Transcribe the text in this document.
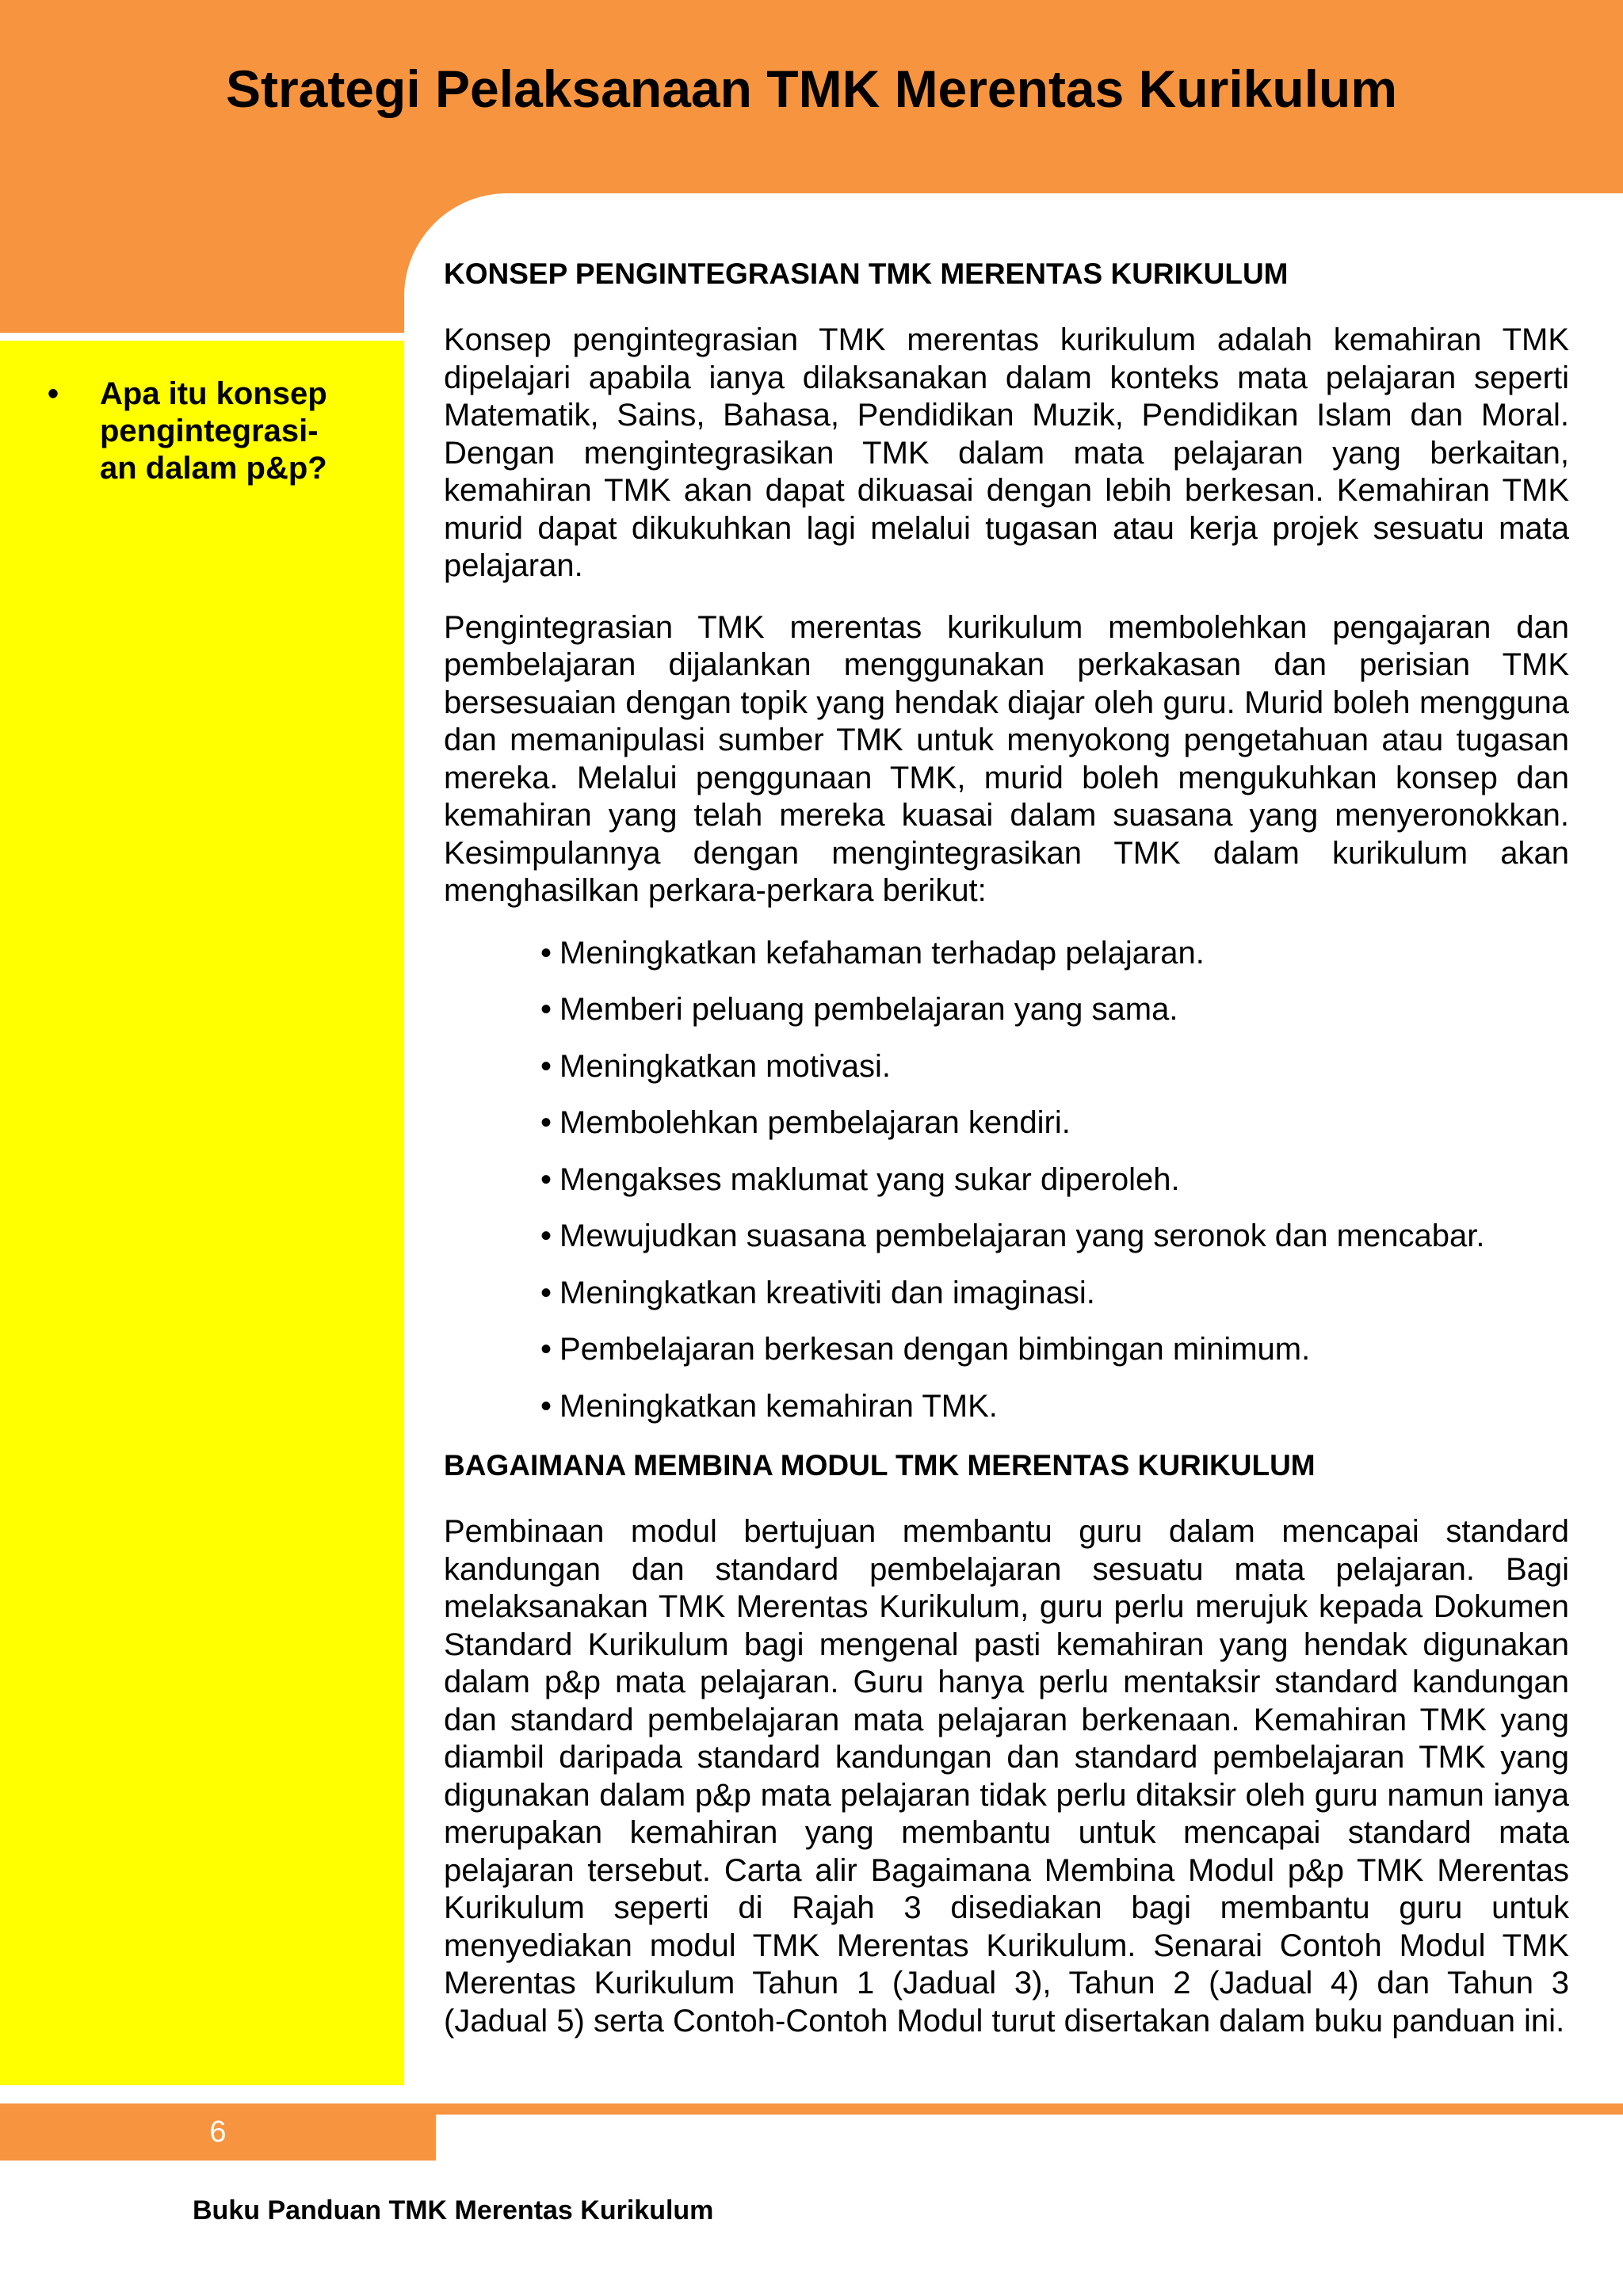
Strategi Pelaksanaan TMK Merentas Kurikulum
•	Apa itu konsep pengintegrasi-an dalam p&p?
KONSEP PENGINTEGRASIAN TMK MERENTAS KURIKULUM

Konsep pengintegrasian TMK merentas kurikulum adalah kemahiran TMK dipelajari apabila ianya dilaksanakan dalam konteks mata pelajaran seperti Matematik, Sains, Bahasa, Pendidikan Muzik, Pendidikan Islam dan Moral. Dengan mengintegrasikan TMK dalam mata pelajaran yang berkaitan, kemahiran TMK akan dapat dikuasai dengan lebih berkesan. Kemahiran TMK murid dapat dikukuhkan lagi melalui tugasan atau kerja projek sesuatu mata pelajaran.

Pengintegrasian TMK merentas kurikulum membolehkan pengajaran dan pembelajaran dijalankan menggunakan perkakasan dan perisian TMK bersesuaian dengan topik yang hendak diajar oleh guru. Murid boleh mengguna dan memanipulasi sumber TMK untuk menyokong pengetahuan atau tugasan mereka. Melalui penggunaan TMK, murid boleh mengukuhkan konsep dan kemahiran yang telah mereka kuasai dalam suasana yang menyeronokkan. Kesimpulannya dengan mengintegrasikan TMK dalam kurikulum akan menghasilkan perkara-perkara berikut:

• Meningkatkan kefahaman terhadap pelajaran.
• Memberi peluang pembelajaran yang sama.
• Meningkatkan motivasi.
• Membolehkan pembelajaran kendiri.
• Mengakses maklumat yang sukar diperoleh.
• Mewujudkan suasana pembelajaran yang seronok dan mencabar.
• Meningkatkan kreativiti dan imaginasi.
• Pembelajaran berkesan dengan bimbingan minimum.
• Meningkatkan kemahiran TMK.
BAGAIMANA MEMBINA MODUL TMK MERENTAS KURIKULUM

Pembinaan modul bertujuan membantu guru dalam mencapai standard kandungan dan standard pembelajaran sesuatu mata pelajaran. Bagi melaksanakan TMK Merentas Kurikulum, guru perlu merujuk kepada Dokumen Standard Kurikulum bagi mengenal pasti kemahiran yang hendak digunakan dalam p&p mata pelajaran. Guru hanya perlu mentaksir standard kandungan dan standard pembelajaran mata pelajaran berkenaan. Kemahiran TMK yang diambil daripada standard kandungan dan standard pembelajaran TMK yang digunakan dalam p&p mata pelajaran tidak perlu ditaksir oleh guru namun ianya merupakan kemahiran yang membantu untuk mencapai standard mata pelajaran tersebut. Carta alir Bagaimana Membina Modul p&p TMK Merentas Kurikulum seperti di Rajah 3 disediakan bagi membantu guru untuk menyediakan modul TMK Merentas Kurikulum. Senarai Contoh Modul TMK Merentas Kurikulum Tahun 1 (Jadual 3), Tahun 2 (Jadual 4) dan Tahun 3 (Jadual 5) serta Contoh-Contoh Modul turut disertakan dalam buku panduan ini.

6
Buku Panduan TMK Merentas Kurikulum
